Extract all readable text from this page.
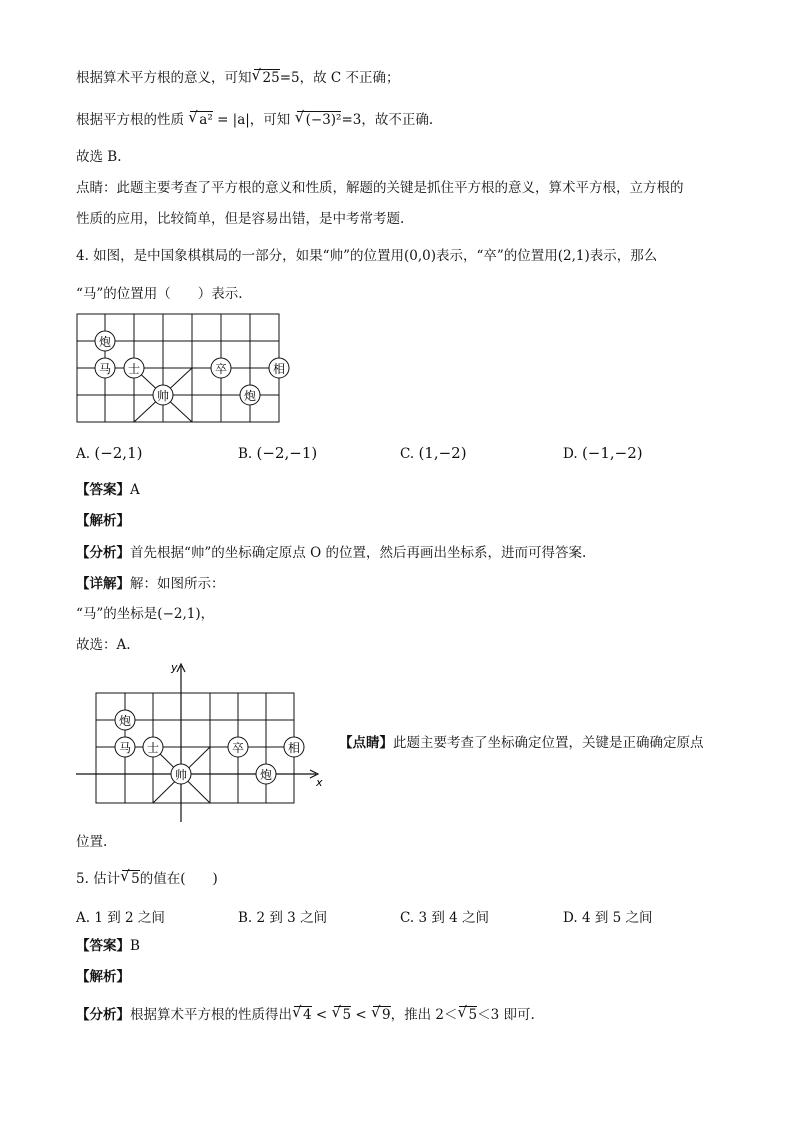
根据算术平方根的意义，可知 √ 25=5，故 C 不正确；
根据平方根的性质 √ a² = |a|，可知 √ (−3)²=3，故不正确.
故选 B.
点睛：此题主要考查了平方根的意义和性质，解题的关键是抓住平方根的意义，算术平方根，立方根的
性质的应用，比较简单，但是容易出错，是中考常考题.
4. 如图，是中国象棋棋局的一部分，如果“帅”的位置用(0,0)表示，“卒”的位置用(2,1)表示，那么
“马”的位置用（　　）表示.
炮
马 士	卒	相
帅	炮
A. (−2,1)	B. (−2,−1)	C. (1,−2)	D. (−1,−2)
【答案】A
【解析】
【分析】首先根据“帅”的坐标确定原点 O 的位置，然后再画出坐标系，进而可得答案.
【详解】解：如图所示：
“马”的坐标是(−2,1)，
故选：A.
x
y
炮
马 士	卒	相
帅	炮
【点睛】此题主要考查了坐标确定位置，关键是正确确定原点
位置.
5. 估计 √ 5的值在(　　)
A. 1 到 2 之间	B. 2 到 3 之间	C. 3 到 4 之间	D. 4 到 5 之间
【答案】B
【解析】
【分析】根据算术平方根的性质得出 √ 4 < √ 5 < √ 9，推出 2＜ √ 5＜3 即可.
